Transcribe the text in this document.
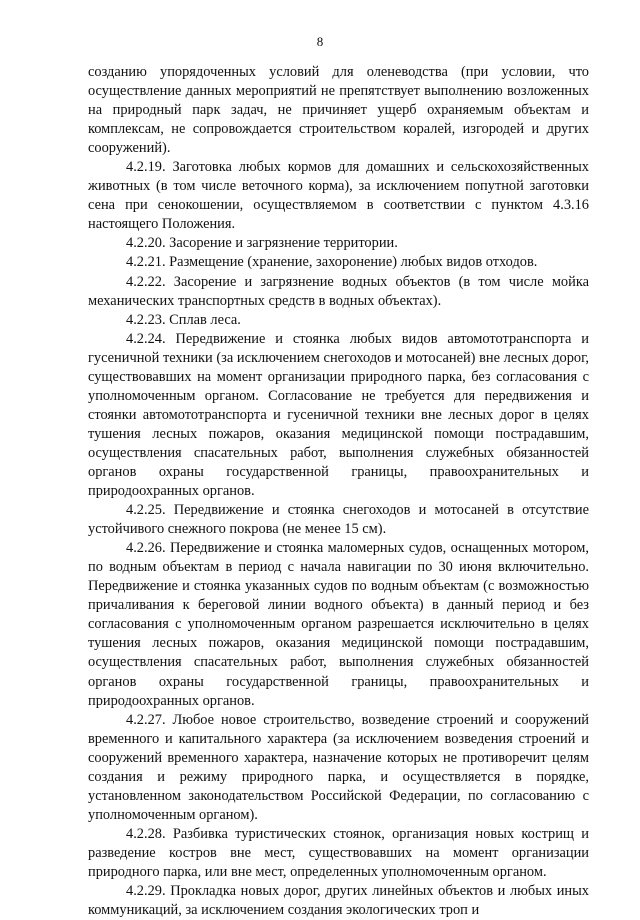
8

созданию упорядоченных условий для оленеводства (при условии, что осуществление данных мероприятий не препятствует выполнению возложенных на природный парк задач, не причиняет ущерб охраняемым объектам и комплексам, не сопровождается строительством коралей, изгородей и других сооружений).

4.2.19. Заготовка любых кормов для домашних и сельскохозяйственных животных (в том числе веточного корма), за исключением попутной заготовки сена при сенокошении, осуществляемом в соответствии с пунктом 4.3.16 настоящего Положения.

4.2.20. Засорение и загрязнение территории.

4.2.21. Размещение (хранение, захоронение) любых видов отходов.

4.2.22. Засорение и загрязнение водных объектов (в том числе мойка механических транспортных средств в водных объектах).

4.2.23. Сплав леса.

4.2.24. Передвижение и стоянка любых видов автомототранспорта и гусеничной техники (за исключением снегоходов и мотосаней) вне лесных дорог, существовавших на момент организации природного парка, без согласования с уполномоченным органом. Согласование не требуется для передвижения и стоянки автомототранспорта и гусеничной техники вне лесных дорог в целях тушения лесных пожаров, оказания медицинской помощи пострадавшим, осуществления спасательных работ, выполнения служебных обязанностей органов охраны государственной границы, правоохранительных и природоохранных органов.

4.2.25. Передвижение и стоянка снегоходов и мотосаней в отсутствие устойчивого снежного покрова (не менее 15 см).

4.2.26. Передвижение и стоянка маломерных судов, оснащенных мотором, по водным объектам в период с начала навигации по 30 июня включительно. Передвижение и стоянка указанных судов по водным объектам (с возможностью причаливания к береговой линии водного объекта) в данный период и без согласования с уполномоченным органом разрешается исключительно в целях тушения лесных пожаров, оказания медицинской помощи пострадавшим, осуществления спасательных работ, выполнения служебных обязанностей органов охраны государственной границы, правоохранительных и природоохранных органов.

4.2.27. Любое новое строительство, возведение строений и сооружений временного и капитального характера (за исключением возведения строений и сооружений временного характера, назначение которых не противоречит целям создания и режиму природного парка, и осуществляется в порядке, установленном законодательством Российской Федерации, по согласованию с уполномоченным органом).

4.2.28. Разбивка туристических стоянок, организация новых кострищ и разведение костров вне мест, существовавших на момент организации природного парка, или вне мест, определенных уполномоченным органом.

4.2.29. Прокладка новых дорог, других линейных объектов и любых иных коммуникаций, за исключением создания экологических троп и
